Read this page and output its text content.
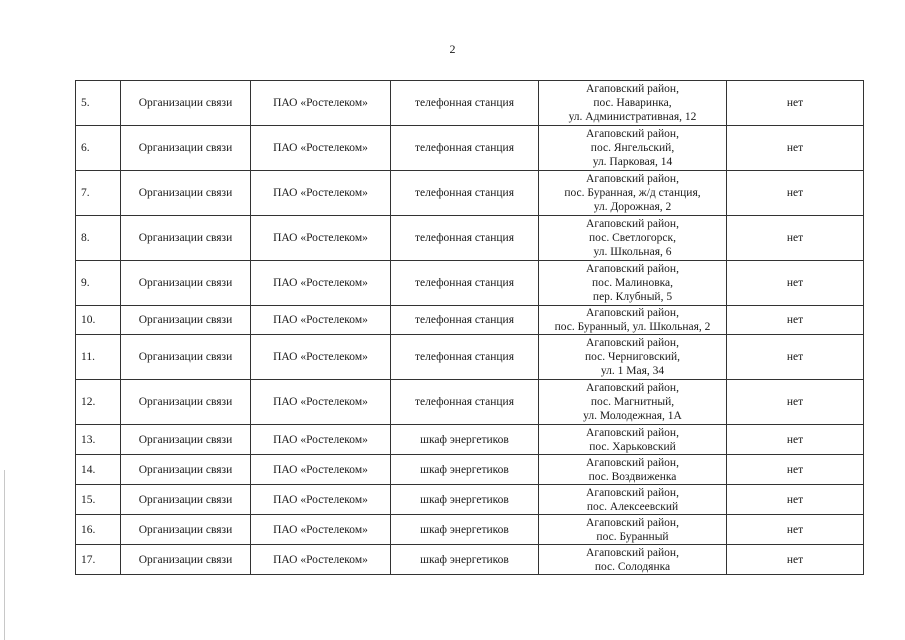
2
5.	Организации связи	ПАО «Ростелеком»	телефонная станция	Агаповский район,
пос. Наваринка,
ул. Административная, 12	нет
6.	Организации связи	ПАО «Ростелеком»	телефонная станция	Агаповский район,
пос. Янгельский,
ул. Парковая, 14	нет
7.	Организации связи	ПАО «Ростелеком»	телефонная станция	Агаповский район,
пос. Буранная, ж/д станция,
ул. Дорожная, 2	нет
8.	Организации связи	ПАО «Ростелеком»	телефонная станция	Агаповский район,
пос. Светлогорск,
ул. Школьная, 6	нет
9.	Организации связи	ПАО «Ростелеком»	телефонная станция	Агаповский район,
пос. Малиновка,
пер. Клубный, 5	нет
10.	Организации связи	ПАО «Ростелеком»	телефонная станция	Агаповский район,
пос. Буранный, ул. Школьная, 2	нет
11.	Организации связи	ПАО «Ростелеком»	телефонная станция	Агаповский район,
пос. Черниговский,
ул. 1 Мая, 34	нет
12.	Организации связи	ПАО «Ростелеком»	телефонная станция	Агаповский район,
пос. Магнитный,
ул. Молодежная, 1А	нет
13.	Организации связи	ПАО «Ростелеком»	шкаф энергетиков	Агаповский район,
пос. Харьковский	нет
14.	Организации связи	ПАО «Ростелеком»	шкаф энергетиков	Агаповский район,
пос. Воздвиженка	нет
15.	Организации связи	ПАО «Ростелеком»	шкаф энергетиков	Агаповский район,
пос. Алексеевский	нет
16.	Организации связи	ПАО «Ростелеком»	шкаф энергетиков	Агаповский район,
пос. Буранный	нет
17.	Организации связи	ПАО «Ростелеком»	шкаф энергетиков	Агаповский район,
пос. Солодянка	нет
